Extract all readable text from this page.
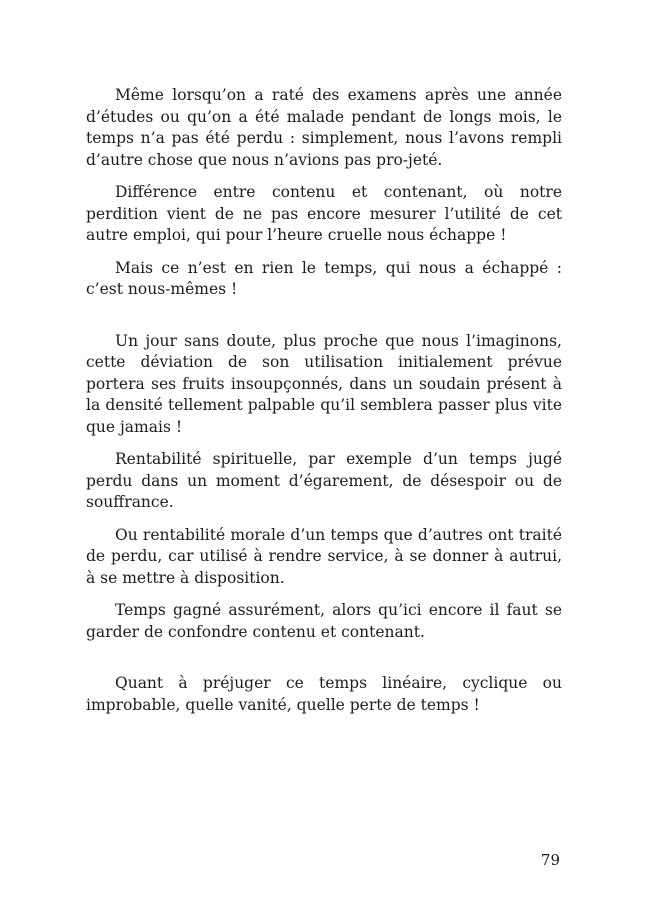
Même lorsqu’on a raté des examens après une année d’études ou qu’on a été malade pendant de longs mois, le temps n’a pas été perdu : simplement, nous l’avons rempli d’autre chose que nous n’avions pas pro-jeté.

Différence entre contenu et contenant, où notre perdition vient de ne pas encore mesurer l’utilité de cet autre emploi, qui pour l’heure cruelle nous échappe !

Mais ce n’est en rien le temps, qui nous a échappé : c’est nous-mêmes !

Un jour sans doute, plus proche que nous l’imaginons, cette déviation de son utilisation initialement prévue portera ses fruits insoupçonnés, dans un soudain présent à la densité tellement palpable qu’il semblera passer plus vite que jamais !

Rentabilité spirituelle, par exemple d’un temps jugé perdu dans un moment d’égarement, de désespoir ou de souffrance.

Ou rentabilité morale d’un temps que d’autres ont traité de perdu, car utilisé à rendre service, à se donner à autrui, à se mettre à disposition.

Temps gagné assurément, alors qu’ici encore il faut se garder de confondre contenu et contenant.

Quant à préjuger ce temps linéaire, cyclique ou improbable, quelle vanité, quelle perte de temps !

79
